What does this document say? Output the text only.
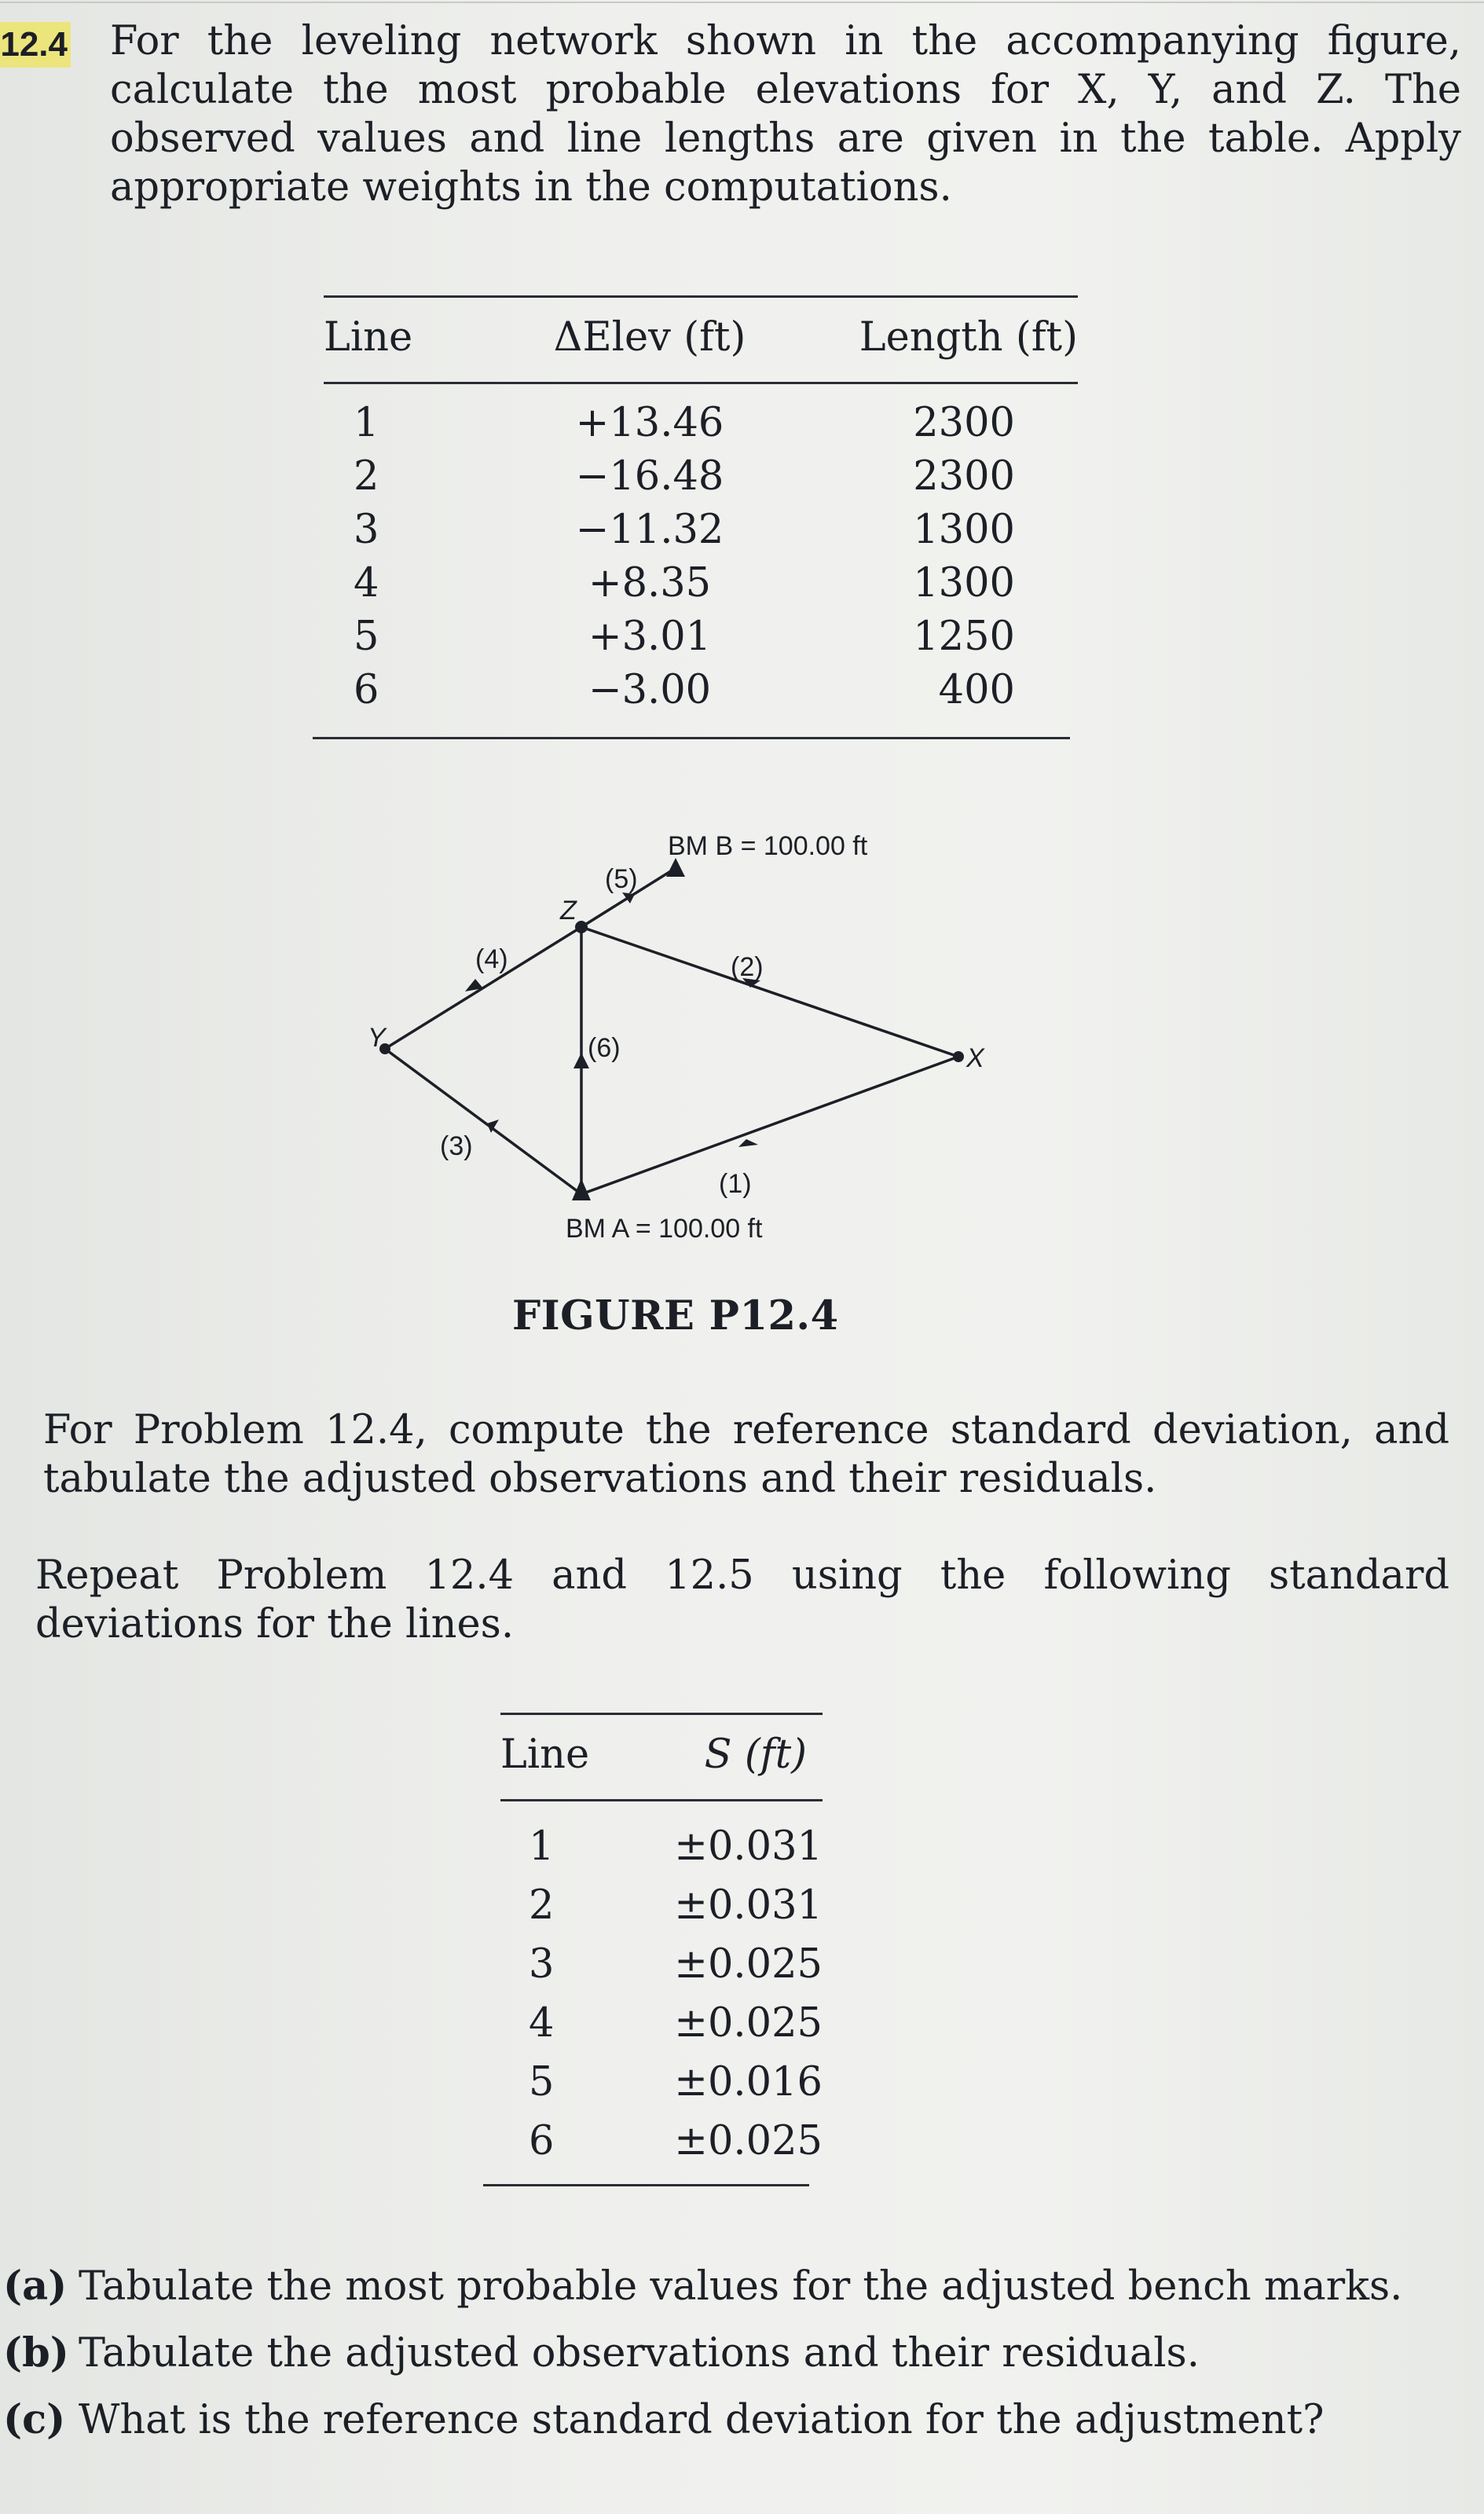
12.4 For the leveling network shown in the accompanying figure, calculate the most probable elevations for X, Y, and Z. The observed values and line lengths are given in the table. Apply appropriate weights in the computations.
Line	ΔElev (ft)	Length (ft)

1	+13.46	2300
2	−16.48	2300
3	−11.32	1300
4	+8.35	1300
5	+3.01	1250
6	−3.00	400
BM B = 100.00 ft
BM A = 100.00 ft
Z
X
Y
(1)
(2)
(3)
(4)
(5)
(6)
FIGURE P12.4
For Problem 12.4, compute the reference standard deviation, and tabulate the adjusted observations and their residuals.
Repeat Problem 12.4 and 12.5 using the following standard deviations for the lines.
Line	S (ft)

1	±0.031
2	±0.031
3	±0.025
4	±0.025
5	±0.016
6	±0.025
(a) Tabulate the most probable values for the adjusted bench marks.
(b) Tabulate the adjusted observations and their residuals.
(c) What is the reference standard deviation for the adjustment?
